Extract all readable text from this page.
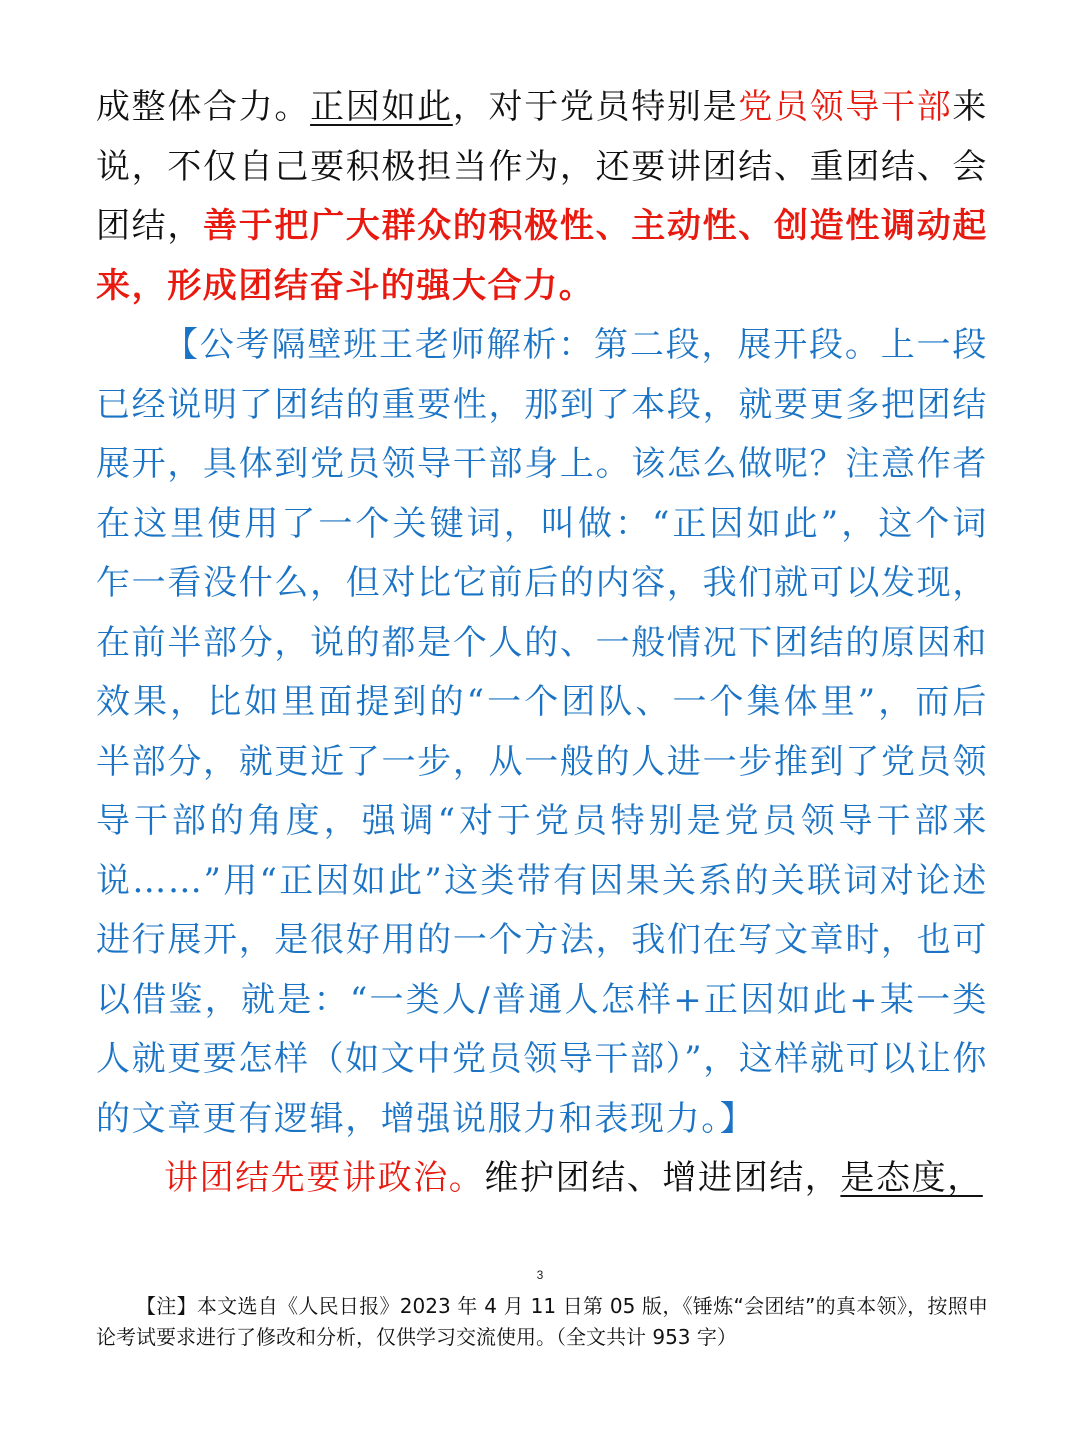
成整体合力。正因如此，对于党员特别是党员领导干部来说，不仅自己要积极担当作为，还要讲团结、重团结、会团结，善于把广大群众的积极性、主动性、创造性调动起来，形成团结奋斗的强大合力。

【公考隔壁班王老师解析：第二段，展开段。上一段已经说明了团结的重要性，那到了本段，就要更多把团结展开，具体到党员领导干部身上。该怎么做呢？注意作者在这里使用了一个关键词，叫做：“正因如此”，这个词乍一看没什么，但对比它前后的内容，我们就可以发现，在前半部分，说的都是个人的、一般情况下团结的原因和效果，比如里面提到的“一个团队、一个集体里”，而后半部分，就更近了一步，从一般的人进一步推到了党员领导干部的角度，强调“对于党员特别是党员领导干部来说……”用“正因如此”这类带有因果关系的关联词对论述进行展开，是很好用的一个方法，我们在写文章时，也可以借鉴，就是：“一类人/普通人怎样+正因如此+某一类人就更要怎样（如文中党员领导干部）”，这样就可以让你的文章更有逻辑，增强说服力和表现力。】

讲团结先要讲政治。维护团结、增进团结，是态度，

3

【注】本文选自《人民日报》2023 年 4 月 11 日第 05 版，《锤炼“会团结”的真本领》，按照申论考试要求进行了修改和分析，仅供学习交流使用。（全文共计 953 字）
